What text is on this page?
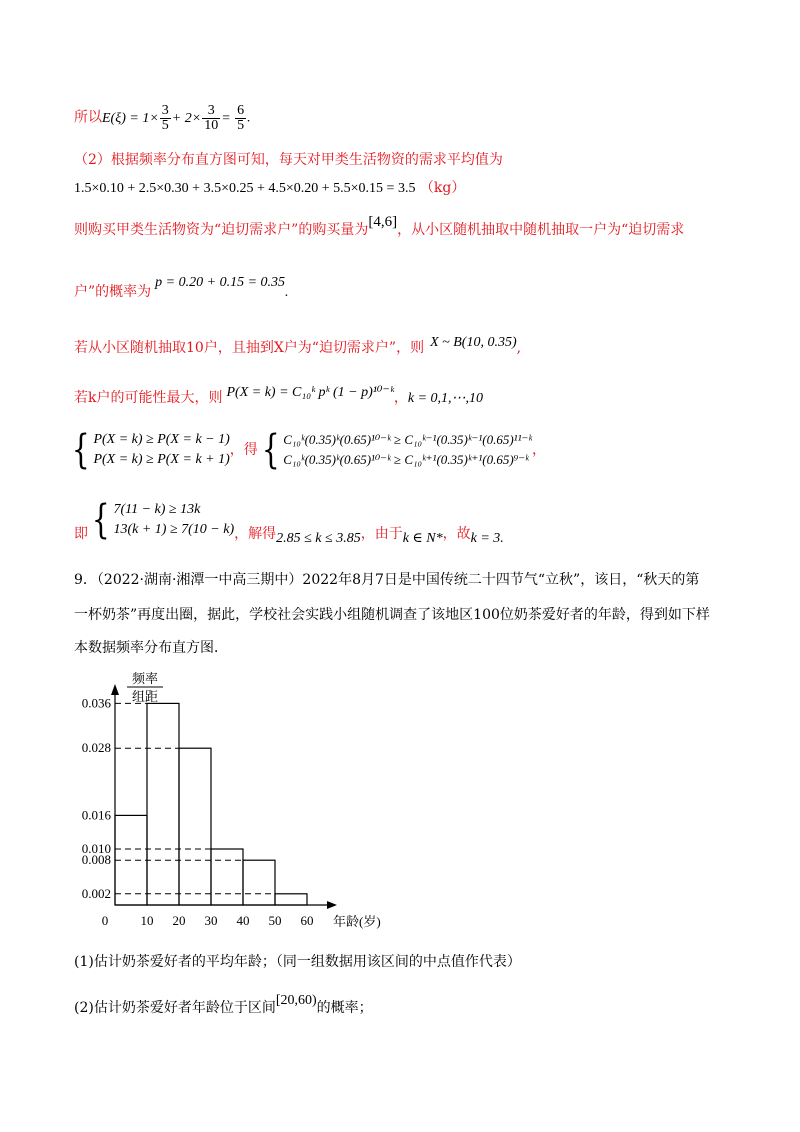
所以$E(\xi) = 1\times \frac{3}{5} + 2\times \frac{3}{10} = \frac{6}{5}$ .
（2）根据频率分布直方图可知，每天对甲类生活物资的需求平均值为
1.5×0.10 + 2.5×0.30 + 3.5×0.25 + 4.5×0.20 + 5.5×0.15 = 3.5 （kg）
则购买甲类生活物资为“迫切需求户”的购买量为[4,6]，从小区随机抽取中随机抽取一户为“迫切需求
户”的概率为p = 0.20 + 0.15 = 0.35.
若从小区随机抽取10户，且抽到X户为“迫切需求户”，则 X ~ B(10, 0.35),
若k户的可能性最大，则 P(X = k) = C₁₀ᵏ pᵏ (1 − p)¹⁰⁻ᵏ，k = 0,1,⋯,10
{ P(X = k) ≥ P(X = k − 1)
P(X = k) ≥ P(X = k + 1)
，得{ C₁₀ᵏ(0.35)ᵏ(0.65)¹⁰⁻ᵏ ≥ C₁₀ᵏ⁻¹(0.35)ᵏ⁻¹(0.65)¹¹⁻ᵏ
C₁₀ᵏ(0.35)ᵏ(0.65)¹⁰⁻ᵏ ≥ C₁₀ᵏ⁺¹(0.35)ᵏ⁺¹(0.65)⁹⁻ᵏ
，
即{ 7(11 − k) ≥ 13k
13(k + 1) ≥ 7(10 − k) ，解得2.85 ≤ k ≤ 3.85，由于k ∈ N*，故k = 3.
9．（2022·湖南·湘潭一中高三期中）2022年8月7日是中国传统二十四节气“立秋”，该日，“秋天的第
一杯奶茶”再度出圈，据此，学校社会实践小组随机调查了该地区100位奶茶爱好者的年龄，得到如下样
本数据频率分布直方图．
0.036
0.028
0.016
0.010
0.008
0.002
0 10 20 30 40 50 60 年龄(岁)
频率
组距
(1)估计奶茶爱好者的平均年龄；（同一组数据用该区间的中点值作代表）
(2)估计奶茶爱好者年龄位于区间[20,60)的概率；
